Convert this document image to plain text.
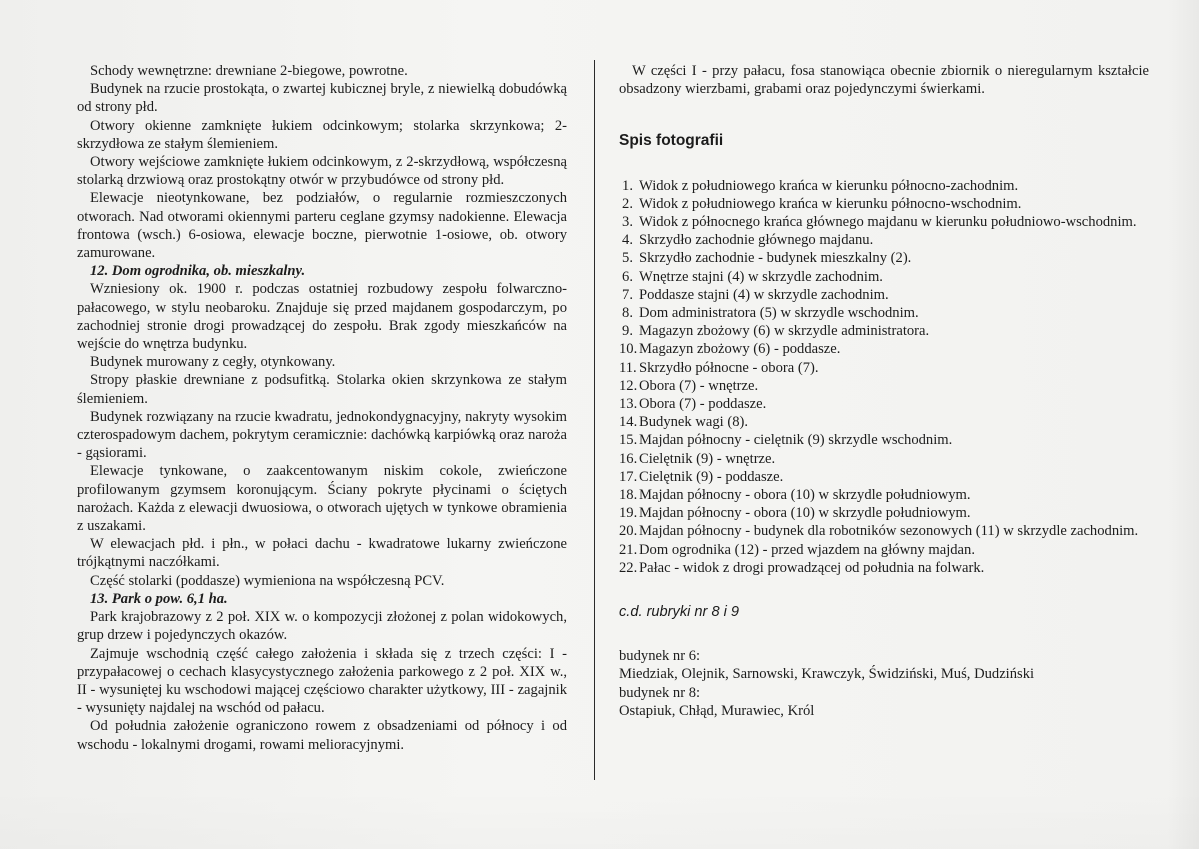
Schody wewnętrzne: drewniane 2-biegowe, powrotne.

Budynek na rzucie prostokąta, o zwartej kubicznej bryle, z niewielką dobudówką od strony płd.

Otwory okienne zamknięte łukiem odcinkowym; stolarka skrzynkowa; 2-skrzydłowa ze stałym ślemieniem.

Otwory wejściowe zamknięte łukiem odcinkowym, z 2-skrzydłową, współczesną stolarką drzwiową oraz prostokątny otwór w przybudówce od strony płd.

Elewacje nieotynkowane, bez podziałów, o regularnie rozmieszczonych otworach. Nad otworami okiennymi parteru ceglane gzymsy nadokienne. Elewacja frontowa (wsch.) 6-osiowa, elewacje boczne, pierwotnie 1-osiowe, ob. otwory zamurowane.

12. Dom ogrodnika, ob. mieszkalny.

Wzniesiony ok. 1900 r. podczas ostatniej rozbudowy zespołu folwarczno-pałacowego, w stylu neobaroku. Znajduje się przed majdanem gospodarczym, po zachodniej stronie drogi prowadzącej do zespołu. Brak zgody mieszkańców na wejście do wnętrza budynku.

Budynek murowany z cegły, otynkowany.

Stropy płaskie drewniane z podsufitką. Stolarka okien skrzynkowa ze stałym ślemieniem.

Budynek rozwiązany na rzucie kwadratu, jednokondygnacyjny, nakryty wysokim czterospadowym dachem, pokrytym ceramicznie: dachówką karpiówką oraz naroża - gąsiorami.

Elewacje tynkowane, o zaakcentowanym niskim cokole, zwieńczone profilowanym gzymsem koronującym. Ściany pokryte płycinami o ściętych narożach. Każda z elewacji dwuosiowa, o otworach ujętych w tynkowe obramienia z uszakami.

W elewacjach płd. i płn., w połaci dachu - kwadratowe lukarny zwieńczone trójkątnymi naczółkami.

Część stolarki (poddasze) wymieniona na współczesną PCV.

13. Park o pow. 6,1 ha.

Park krajobrazowy z 2 poł. XIX w. o kompozycji złożonej z polan widokowych, grup drzew i pojedynczych okazów.

Zajmuje wschodnią część całego założenia i składa się z trzech części: I - przypałacowej o cechach klasycystycznego założenia parkowego z 2 poł. XIX w., II - wysuniętej ku wschodowi mającej częściowo charakter użytkowy, III - zagajnik - wysunięty najdalej na wschód od pałacu.

Od południa założenie ograniczono rowem z obsadzeniami od północy i od wschodu - lokalnymi drogami, rowami melioracyjnymi.

W części I - przy pałacu, fosa stanowiąca obecnie zbiornik o nieregularnym kształcie obsadzony wierzbami, grabami oraz pojedynczymi świerkami.

Spis fotografii
1. Widok z południowego krańca w kierunku północno-zachodnim.
2. Widok z południowego krańca w kierunku północno-wschodnim.
3. Widok z północnego krańca głównego majdanu w kierunku południowo-wschodnim.
4. Skrzydło zachodnie głównego majdanu.
5. Skrzydło zachodnie - budynek mieszkalny (2).
6. Wnętrze stajni (4) w skrzydle zachodnim.
7. Poddasze stajni (4) w skrzydle zachodnim.
8. Dom administratora (5) w skrzydle wschodnim.
9. Magazyn zbożowy (6) w skrzydle administratora.
10. Magazyn zbożowy (6) - poddasze.
11. Skrzydło północne - obora (7).
12. Obora (7) - wnętrze.
13. Obora (7) - poddasze.
14. Budynek wagi (8).
15. Majdan północny - cielętnik (9) skrzydle wschodnim.
16. Cielętnik (9) - wnętrze.
17. Cielętnik (9) - poddasze.
18. Majdan północny - obora (10) w skrzydle południowym.
19. Majdan północny - obora (10) w skrzydle południowym.
20. Majdan północny - budynek dla robotników sezonowych (11) w skrzydle zachodnim.
21. Dom ogrodnika (12) - przed wjazdem na główny majdan.
22. Pałac - widok z drogi prowadzącej od południa na folwark.
c.d. rubryki nr 8 i 9

budynek nr 6:

Miedziak, Olejnik, Sarnowski, Krawczyk, Świdziński, Muś, Dudziński

budynek nr 8:

Ostapiuk, Chłąd, Murawiec, Król
